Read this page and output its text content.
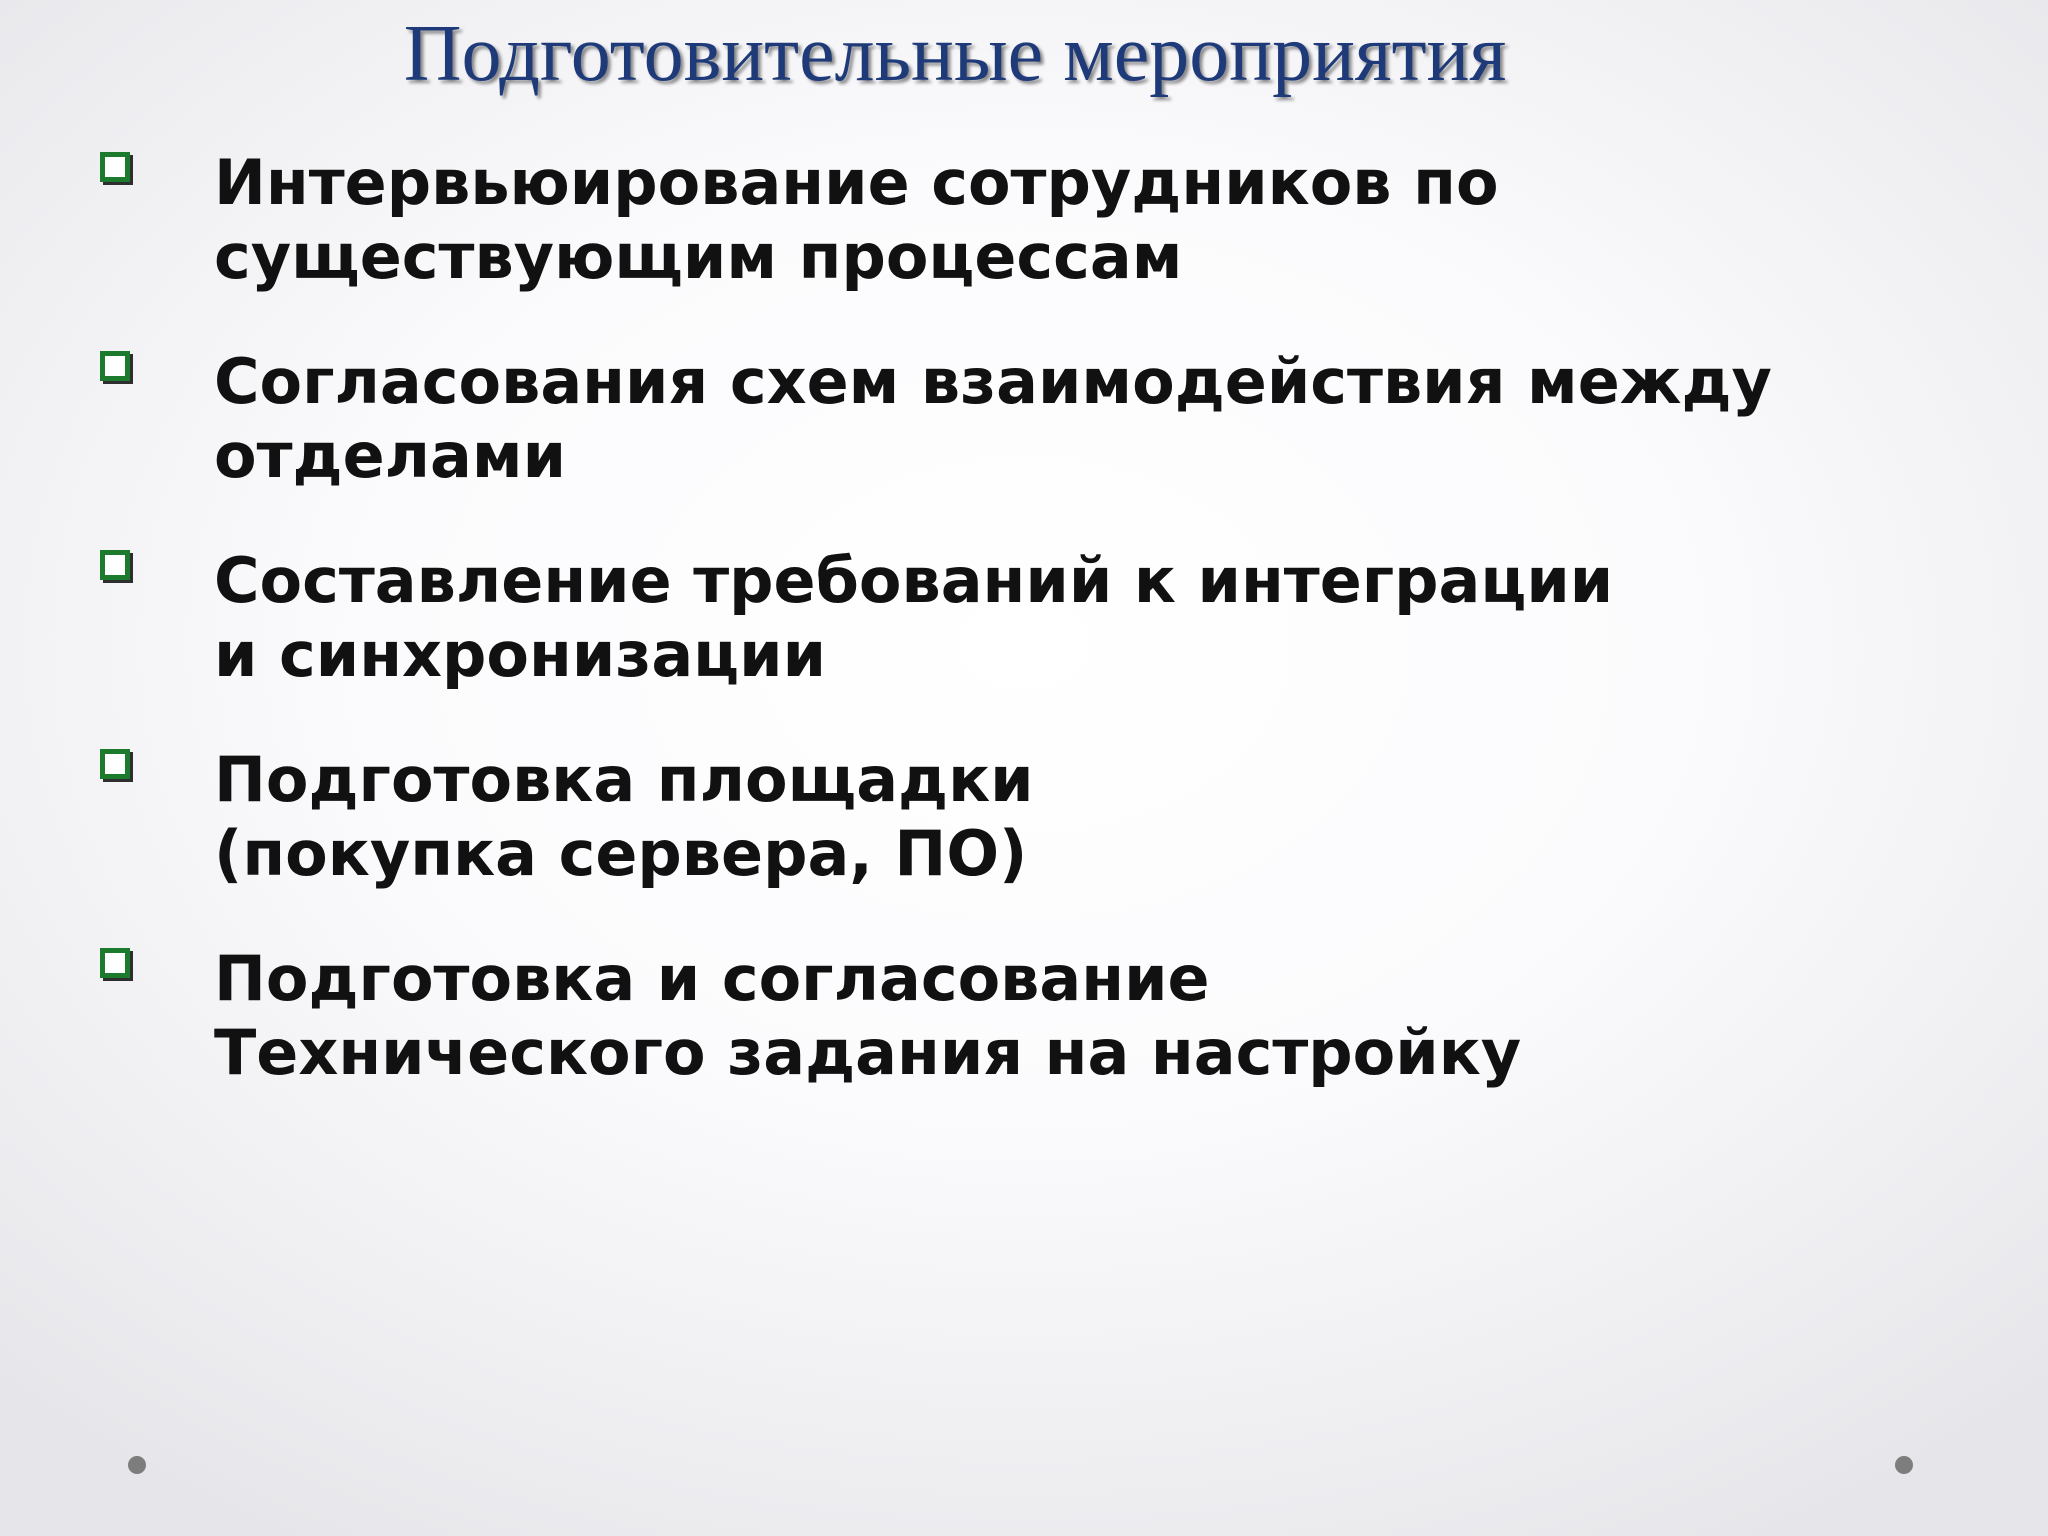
Подготовительные мероприятия
Интервьюирование сотрудников по
существующим процессам
Согласования схем взаимодействия между
отделами
Составление требований к интеграции
и синхронизации
Подготовка площадки
(покупка сервера, ПО)
Подготовка и согласование
Технического задания на настройку
